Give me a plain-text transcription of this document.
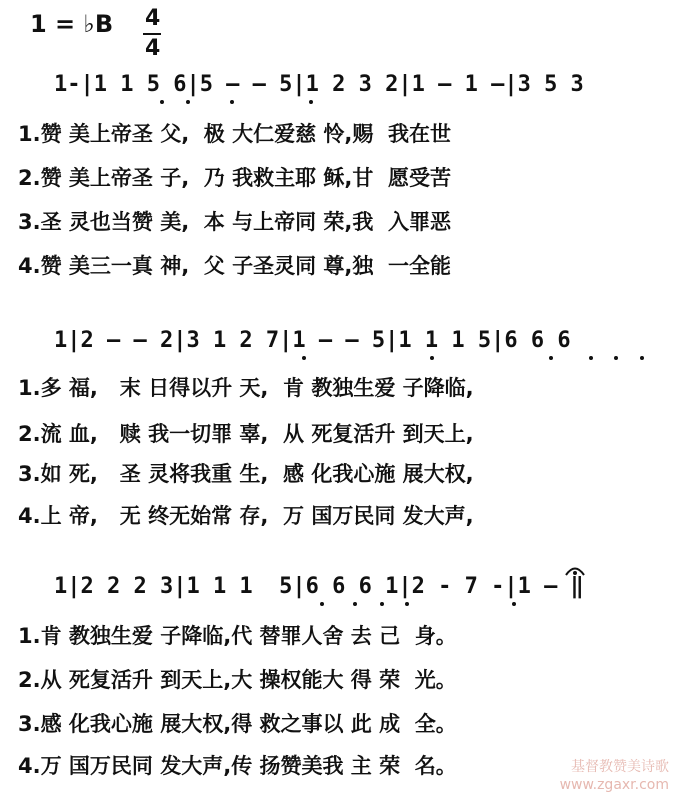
1 = ♭B 4
4
1-|1 1 5 6|5 — — 5|1 2 3 2|1 — 1 —|3 5 3
1.赞 美上帝圣 父,  极 大仁爱慈 怜,赐  我在世
2.赞 美上帝圣 子,  乃 我救主耶 稣,甘  愿受苦
3.圣 灵也当赞 美,  本 与上帝同 荣,我  入罪恶
4.赞 美三一真 神,  父 子圣灵同 尊,独  一全能
1|2 — — 2|3 1 2 7|1 — — 5|1 1 1 5|6 6 6
1.多 福,   末 日得以升 天,  肯 教独生爱 子降临,
2.流 血,   赎 我一切罪 辜,  从 死复活升 到天上,
3.如 死,   圣 灵将我重 生,  感 化我心施 展大权,
4.上 帝,   无 终无始常 存,  万 国万民同 发大声,
1|2 2 2 3|1 1 1  5|6 6 6 1|2 - 7 -|1 — ‖
1.肯 教独生爱 子降临,代 替罪人舍 去 己  身。
2.从 死复活升 到天上,大 操权能大 得 荣  光。
3.感 化我心施 展大权,得 救之事以 此 成  全。
4.万 国万民同 发大声,传 扬赞美我 主 荣  名。	基督教赞美诗歌
www.zgaxr.com
